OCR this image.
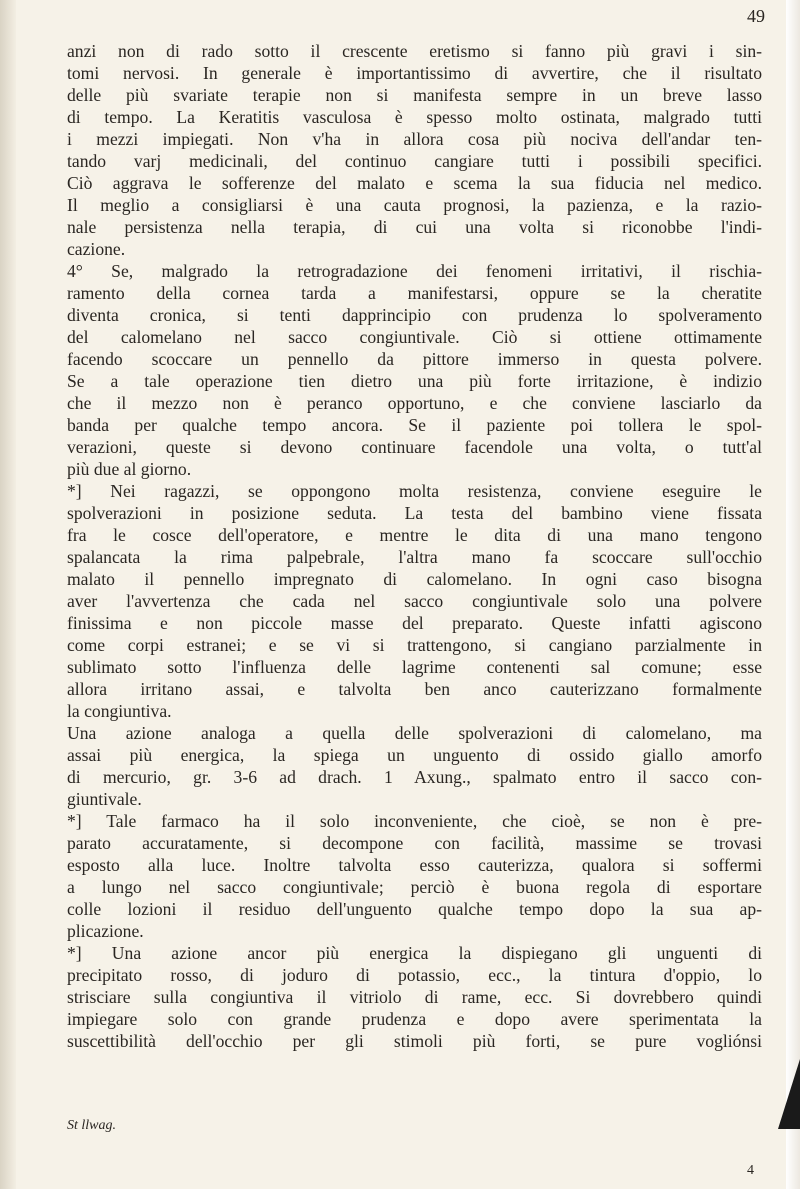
49

anzi non di rado sotto il crescente eretismo si fanno più gravi i sin-
tomi nervosi. In generale è importantissimo di avvertire, che il risultato
delle più svariate terapie non si manifesta sempre in un breve lasso
di tempo. La Keratitis vasculosa è spesso molto ostinata, malgrado tutti
i mezzi impiegati. Non v'ha in allora cosa più nociva dell'andar ten-
tando varj medicinali, del continuo cangiare tutti i possibili specifici.
Ciò aggrava le sofferenze del malato e scema la sua fiducia nel medico.
Il meglio a consigliarsi è una cauta prognosi, la pazienza, e la razio-
nale persistenza nella terapia, di cui una volta si riconobbe l'indi-
cazione.

4° Se, malgrado la retrogradazione dei fenomeni irritativi, il rischia-
ramento della cornea tarda a manifestarsi, oppure se la cheratite
diventa cronica, si tenti dapprincipio con prudenza lo spolveramento
del calomelano nel sacco congiuntivale. Ciò si ottiene ottimamente
facendo scoccare un pennello da pittore immerso in questa polvere.
Se a tale operazione tien dietro una più forte irritazione, è indizio
che il mezzo non è peranco opportuno, e che conviene lasciarlo da
banda per qualche tempo ancora. Se il paziente poi tollera le spol-
verazioni, queste si devono continuare facendole una volta, o tutt'al
più due al giorno.

*] Nei ragazzi, se oppongono molta resistenza, conviene eseguire le
spolverazioni in posizione seduta. La testa del bambino viene fissata
fra le cosce dell'operatore, e mentre le dita di una mano tengono
spalancata la rima palpebrale, l'altra mano fa scoccare sull'occhio
malato il pennello impregnato di calomelano. In ogni caso bisogna
aver l'avvertenza che cada nel sacco congiuntivale solo una polvere
finissima e non piccole masse del preparato. Queste infatti agiscono
come corpi estranei; e se vi si trattengono, si cangiano parzialmente in
sublimato sotto l'influenza delle lagrime contenenti sal comune; esse
allora irritano assai, e talvolta ben anco cauterizzano formalmente
la congiuntiva.

Una azione analoga a quella delle spolverazioni di calomelano, ma
assai più energica, la spiega un unguento di ossido giallo amorfo
di mercurio, gr. 3-6 ad drach. 1 Axung., spalmato entro il sacco con-
giuntivale.

*] Tale farmaco ha il solo inconveniente, che cioè, se non è pre-
parato accuratamente, si decompone con facilità, massime se trovasi
esposto alla luce. Inoltre talvolta esso cauterizza, qualora si soffermi
a lungo nel sacco congiuntivale; perciò è buona regola di esportare
colle lozioni il residuo dell'unguento qualche tempo dopo la sua ap-
plicazione.

*] Una azione ancor più energica la dispiegano gli unguenti di
precipitato rosso, di joduro di potassio, ecc., la tintura d'oppio, lo
strisciare sulla congiuntiva il vitriolo di rame, ecc. Si dovrebbero quindi
impiegare solo con grande prudenza e dopo avere sperimentata la
suscettibilità dell'occhio per gli stimoli più forti, se pure vogliónsi

St llwag.
4
